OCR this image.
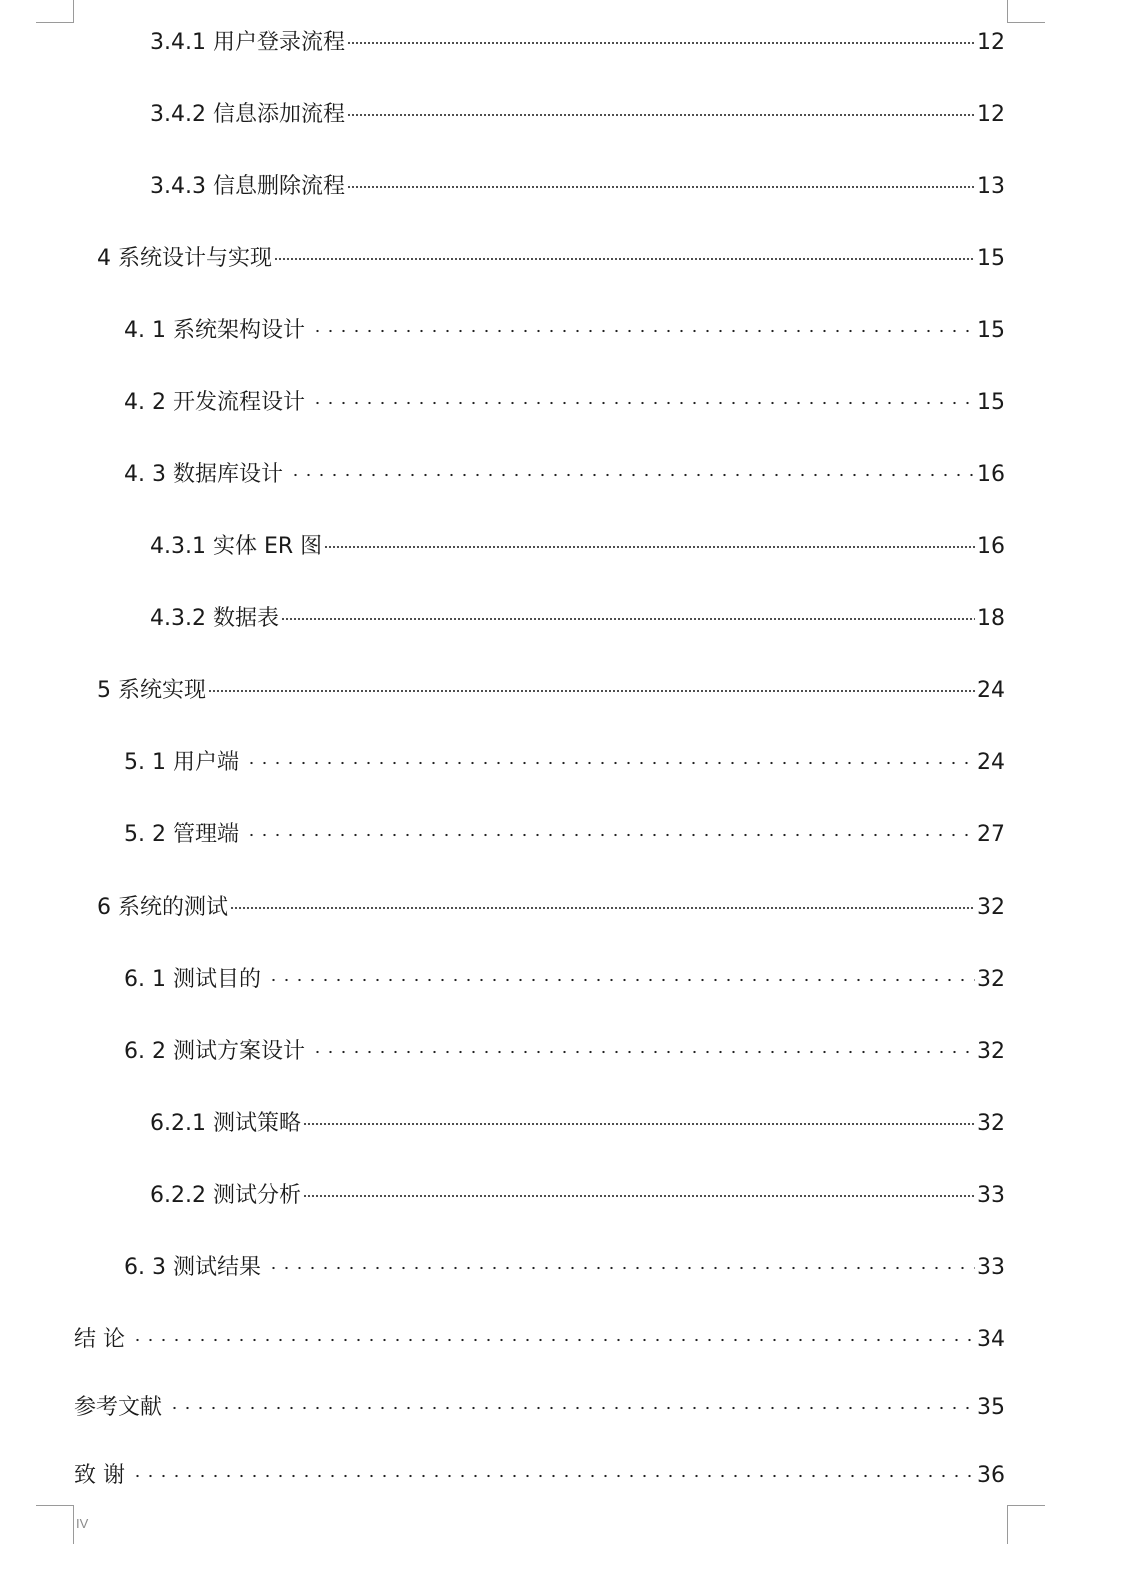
3.4.1 用户登录流程	12
3.4.2 信息添加流程	12
3.4.3 信息删除流程	13
4 系统设计与实现	15
4. 1 系统架构设计	15
4. 2 开发流程设计	15
4. 3 数据库设计	16
4.3.1 实体 ER 图	16
4.3.2 数据表	18
5 系统实现	24
5. 1 用户端	24
5. 2 管理端	27
6 系统的测试	32
6. 1 测试目的	32
6. 2 测试方案设计	32
6.2.1 测试策略	32
6.2.2 测试分析	33
6. 3 测试结果	33
结 论	34
参考文献	35
致 谢	36
IV
